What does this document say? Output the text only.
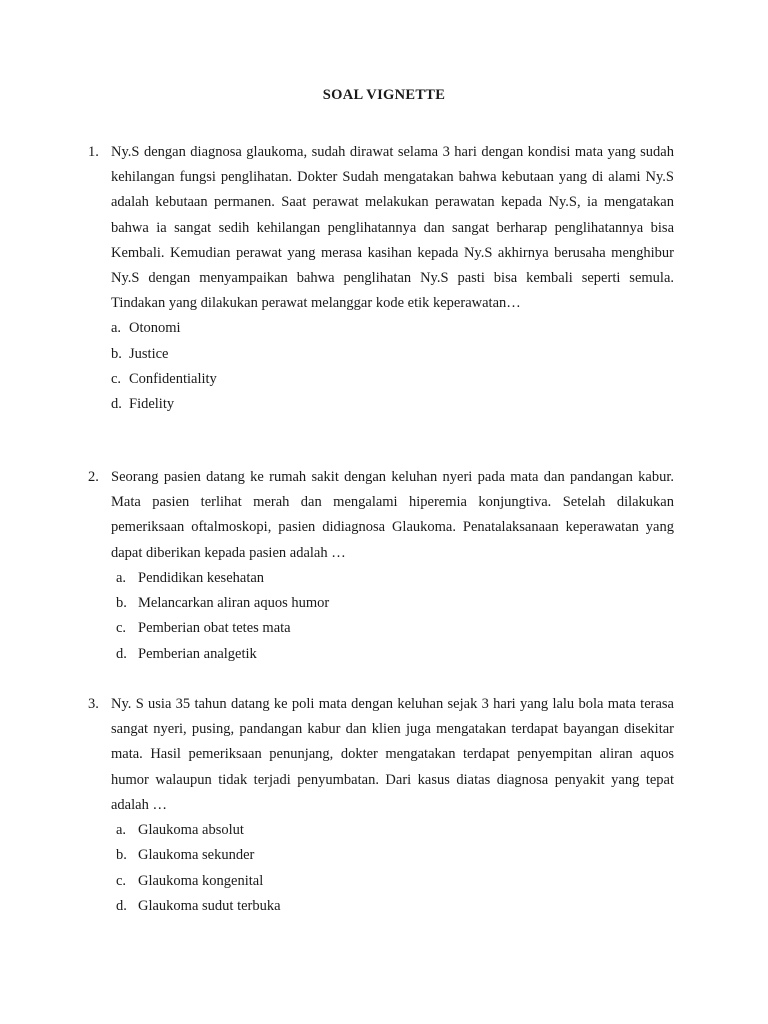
SOAL VIGNETTE
1. Ny.S dengan diagnosa glaukoma, sudah dirawat selama 3 hari dengan kondisi mata yang sudah kehilangan fungsi penglihatan. Dokter Sudah mengatakan bahwa kebutaan yang di alami Ny.S adalah kebutaan permanen. Saat perawat melakukan perawatan kepada Ny.S, ia mengatakan bahwa ia sangat sedih kehilangan penglihatannya dan sangat berharap penglihatannya bisa Kembali. Kemudian perawat yang merasa kasihan kepada Ny.S akhirnya berusaha menghibur Ny.S dengan menyampaikan bahwa penglihatan Ny.S pasti bisa kembali seperti semula. Tindakan yang dilakukan perawat melanggar kode etik keperawatan…
a. Otonomi
b. Justice
c. Confidentiality
d. Fidelity
2. Seorang pasien datang ke rumah sakit dengan keluhan nyeri pada mata dan pandangan kabur. Mata pasien terlihat merah dan mengalami hiperemia konjungtiva. Setelah dilakukan pemeriksaan oftalmoskopi, pasien didiagnosa Glaukoma. Penatalaksanaan keperawatan yang dapat diberikan kepada pasien adalah …
a. Pendidikan kesehatan
b. Melancarkan aliran aquos humor
c. Pemberian obat tetes mata
d. Pemberian analgetik
3. Ny. S usia 35 tahun datang ke poli mata dengan keluhan sejak 3 hari yang lalu bola mata terasa sangat nyeri, pusing, pandangan kabur dan klien juga mengatakan terdapat bayangan disekitar mata. Hasil pemeriksaan penunjang, dokter mengatakan terdapat penyempitan aliran aquos humor walaupun tidak terjadi penyumbatan. Dari kasus diatas diagnosa penyakit yang tepat adalah …
a. Glaukoma absolut
b. Glaukoma sekunder
c. Glaukoma kongenital
d. Glaukoma sudut terbuka
